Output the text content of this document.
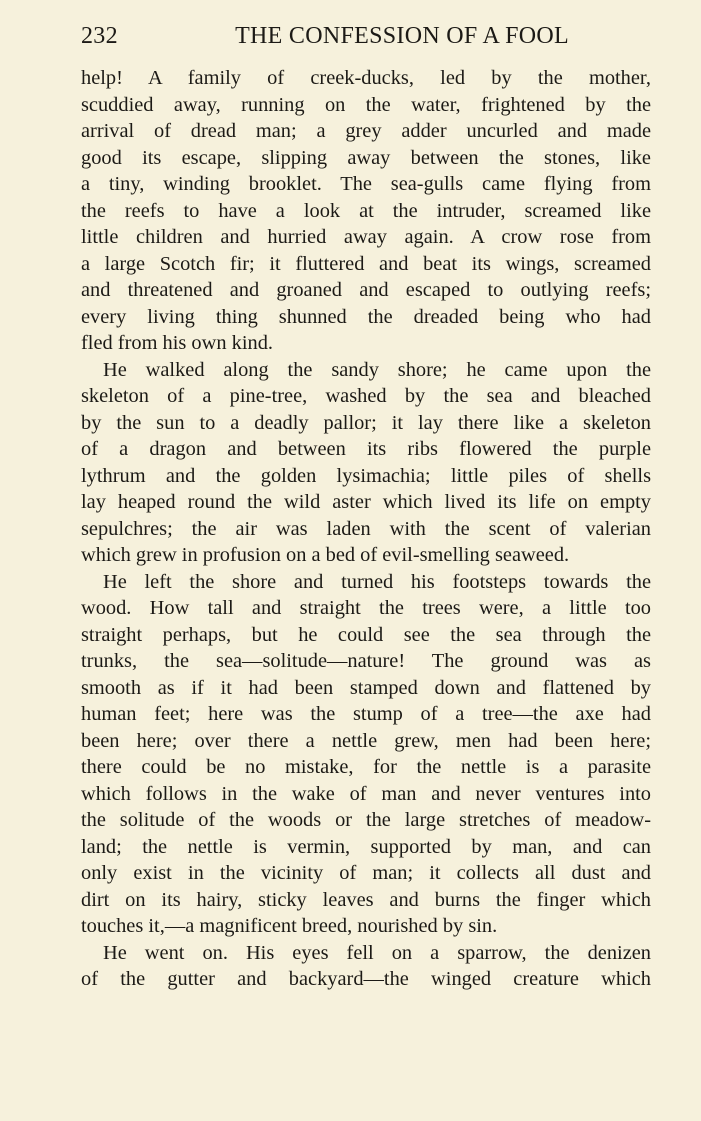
232	THE CONFESSION OF A FOOL
help! A family of creek-ducks, led by the mother,
scuddied away, running on the water, frightened by the
arrival of dread man; a grey adder uncurled and made
good its escape, slipping away between the stones, like
a tiny, winding brooklet. The sea-gulls came flying from
the reefs to have a look at the intruder, screamed like
little children and hurried away again. A crow rose from
a large Scotch fir; it fluttered and beat its wings, screamed
and threatened and groaned and escaped to outlying reefs;
every living thing shunned the dreaded being who had
fled from his own kind.
He walked along the sandy shore; he came upon the
skeleton of a pine-tree, washed by the sea and bleached
by the sun to a deadly pallor; it lay there like a skeleton
of a dragon and between its ribs flowered the purple
lythrum and the golden lysimachia; little piles of shells
lay heaped round the wild aster which lived its life on empty
sepulchres; the air was laden with the scent of valerian
which grew in profusion on a bed of evil-smelling seaweed.
He left the shore and turned his footsteps towards the
wood. How tall and straight the trees were, a little too
straight perhaps, but he could see the sea through the
trunks, the sea—solitude—nature! The ground was as
smooth as if it had been stamped down and flattened by
human feet; here was the stump of a tree—the axe had
been here; over there a nettle grew, men had been here;
there could be no mistake, for the nettle is a parasite
which follows in the wake of man and never ventures into
the solitude of the woods or the large stretches of meadow-
land; the nettle is vermin, supported by man, and can
only exist in the vicinity of man; it collects all dust and
dirt on its hairy, sticky leaves and burns the finger which
touches it,—a magnificent breed, nourished by sin.
He went on. His eyes fell on a sparrow, the denizen
of the gutter and backyard—the winged creature which
